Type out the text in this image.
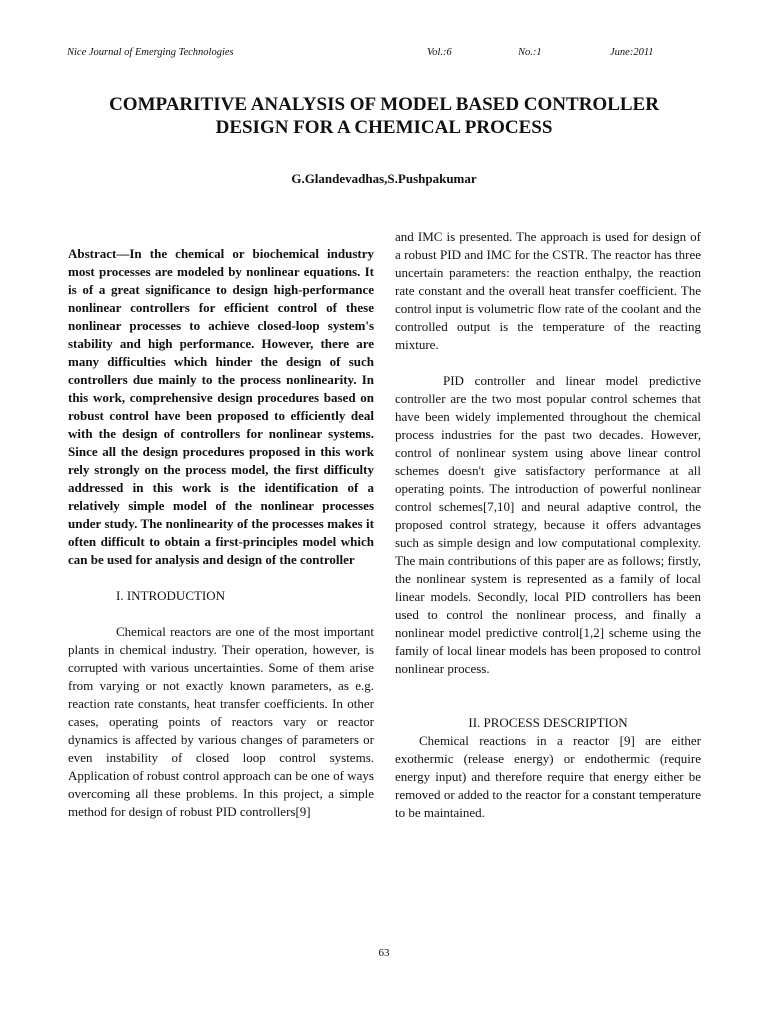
Nice Journal of Emerging Technologies	Vol.:6	No.:1	June:2011
COMPARITIVE ANALYSIS OF MODEL BASED CONTROLLER
DESIGN FOR A CHEMICAL PROCESS
G.Glandevadhas,S.Pushpakumar

Abstract—In the chemical or biochemical industry most processes are modeled by nonlinear equations. It is of a great significance to design high-performance nonlinear controllers for efficient control of these nonlinear processes to achieve closed-loop system's stability and high performance. However, there are many difficulties which hinder the design of such controllers due mainly to the process nonlinearity. In this work, comprehensive design procedures based on robust control have been proposed to efficiently deal with the design of controllers for nonlinear systems. Since all the design procedures proposed in this work rely strongly on the process model, the first difficulty addressed in this work is the identification of a relatively simple model of the nonlinear processes under study. The nonlinearity of the processes makes it often difficult to obtain a first-principles model which can be used for analysis and design of the controller

I. INTRODUCTION

Chemical reactors are one of the most important plants in chemical industry. Their operation, however, is corrupted with various uncertainties. Some of them arise from varying or not exactly known parameters, as e.g. reaction rate constants, heat transfer coefficients. In other cases, operating points of reactors vary or reactor dynamics is affected by various changes of parameters or even instability of closed loop control systems. Application of robust control approach can be one of ways overcoming all these problems. In this project, a simple method for design of robust PID controllers[9]

and IMC is presented. The approach is used for design of a robust PID and IMC for the CSTR. The reactor has three uncertain parameters: the reaction enthalpy, the reaction rate constant and the overall heat transfer coefficient. The control input is volumetric flow rate of the coolant and the controlled output is the temperature of the reacting mixture.

PID controller and linear model predictive controller are the two most popular control schemes that have been widely implemented throughout the chemical process industries for the past two decades. However, control of nonlinear system using above linear control schemes doesn't give satisfactory performance at all operating points. The introduction of powerful nonlinear control schemes[7,10] and neural adaptive control, the proposed control strategy, because it offers advantages such as simple design and low computational complexity. The main contributions of this paper are as follows; firstly, the nonlinear system is represented as a family of local linear models. Secondly, local PID controllers has been used to control the nonlinear process, and finally a nonlinear model predictive control[1,2] scheme using the family of local linear models has been proposed to control nonlinear process.

II. PROCESS DESCRIPTION

Chemical reactions in a reactor [9] are either exothermic (release energy) or endothermic (require energy input) and therefore require that energy either be removed or added to the reactor for a constant temperature to be maintained.

63
